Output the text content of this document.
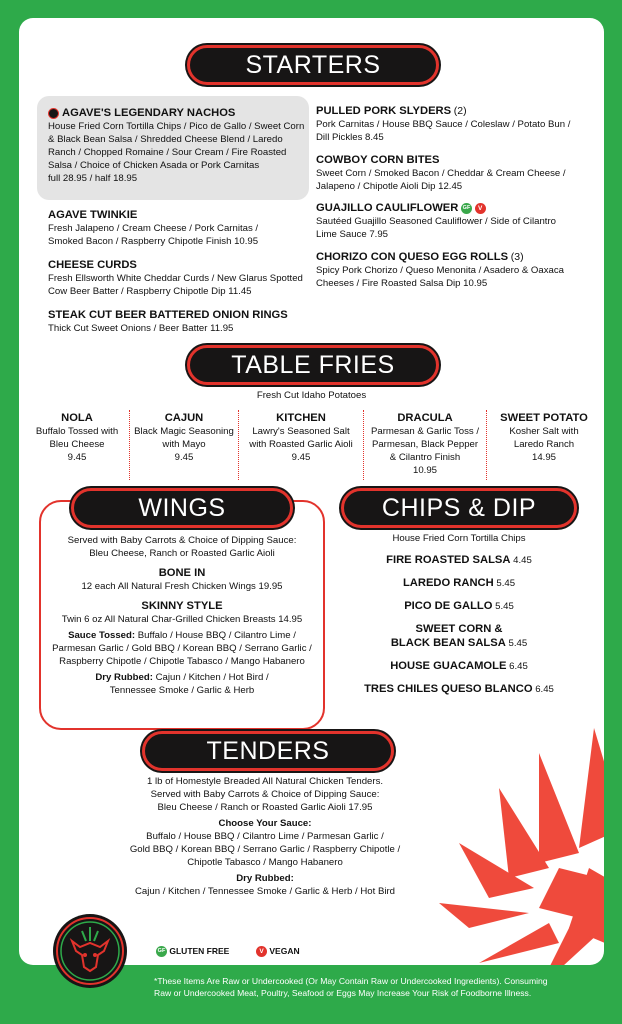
STARTERS
AGAVE'S LEGENDARY NACHOS
House Fried Corn Tortilla Chips / Pico de Gallo / Sweet Corn
& Black Bean Salsa / Shredded Cheese Blend / Laredo
Ranch / Chopped Romaine / Sour Cream / Fire Roasted
Salsa / Choice of Chicken Asada or Pork Carnitas
full 28.95 / half 18.95
AGAVE TWINKIE
Fresh Jalapeno / Cream Cheese / Pork Carnitas /
Smoked Bacon / Raspberry Chipotle Finish 10.95
CHEESE CURDS
Fresh Ellsworth White Cheddar Curds / New Glarus Spotted
Cow Beer Batter / Raspberry Chipotle Dip 11.45
STEAK CUT BEER BATTERED ONION RINGS
Thick Cut Sweet Onions / Beer Batter 11.95
PULLED PORK SLYDERS (2)
Pork Carnitas / House BBQ Sauce / Coleslaw / Potato Bun /
Dill Pickles 8.45
COWBOY CORN BITES
Sweet Corn / Smoked Bacon / Cheddar & Cream Cheese /
Jalapeno / Chipotle Aioli Dip 12.45
GUAJILLO CAULIFLOWER GF V
Sautéed Guajillo Seasoned Cauliflower / Side of Cilantro
Lime Sauce 7.95
CHORIZO CON QUESO EGG ROLLS (3)
Spicy Pork Chorizo / Queso Menonita / Asadero & Oaxaca
Cheeses / Fire Roasted Salsa Dip 10.95
TABLE FRIES
Fresh Cut Idaho Potatoes
NOLA
Buffalo Tossed with
Bleu Cheese
9.45
CAJUN
Black Magic Seasoning
with Mayo
9.45
KITCHEN
Lawry's Seasoned Salt
with Roasted Garlic Aioli
9.45
DRACULA
Parmesan & Garlic Toss /
Parmesan, Black Pepper
& Cilantro Finish
10.95
SWEET POTATO
Kosher Salt with
Laredo Ranch
14.95
WINGS
Served with Baby Carrots & Choice of Dipping Sauce:
Bleu Cheese, Ranch or Roasted Garlic Aioli
BONE IN
12 each All Natural Fresh Chicken Wings 19.95
SKINNY STYLE
Twin 6 oz All Natural Char-Grilled Chicken Breasts 14.95
Sauce Tossed: Buffalo / House BBQ / Cilantro Lime /
Parmesan Garlic / Gold BBQ / Korean BBQ / Serrano Garlic /
Raspberry Chipotle / Chipotle Tabasco / Mango Habanero
Dry Rubbed: Cajun / Kitchen / Hot Bird /
Tennessee Smoke / Garlic & Herb
CHIPS & DIP
House Fried Corn Tortilla Chips
FIRE ROASTED SALSA 4.45
LAREDO RANCH 5.45
PICO DE GALLO 5.45
SWEET CORN &
BLACK BEAN SALSA 5.45
HOUSE GUACAMOLE 6.45
TRES CHILES QUESO BLANCO 6.45
TENDERS
1 lb of Homestyle Breaded All Natural Chicken Tenders.
Served with Baby Carrots & Choice of Dipping Sauce:
Bleu Cheese / Ranch or Roasted Garlic Aioli 17.95
Choose Your Sauce:
Buffalo / House BBQ / Cilantro Lime / Parmesan Garlic /
Gold BBQ / Korean BBQ / Serrano Garlic / Raspberry Chipotle /
Chipotle Tabasco / Mango Habanero
Dry Rubbed:
Cajun / Kitchen / Tennessee Smoke / Garlic & Herb / Hot Bird
GF GLUTEN FREE	V VEGAN
*These Items Are Raw or Undercooked (Or May Contain Raw or Undercooked Ingredients). Consuming
Raw or Undercooked Meat, Poultry, Seafood or Eggs May Increase Your Risk of Foodborne Illness.
